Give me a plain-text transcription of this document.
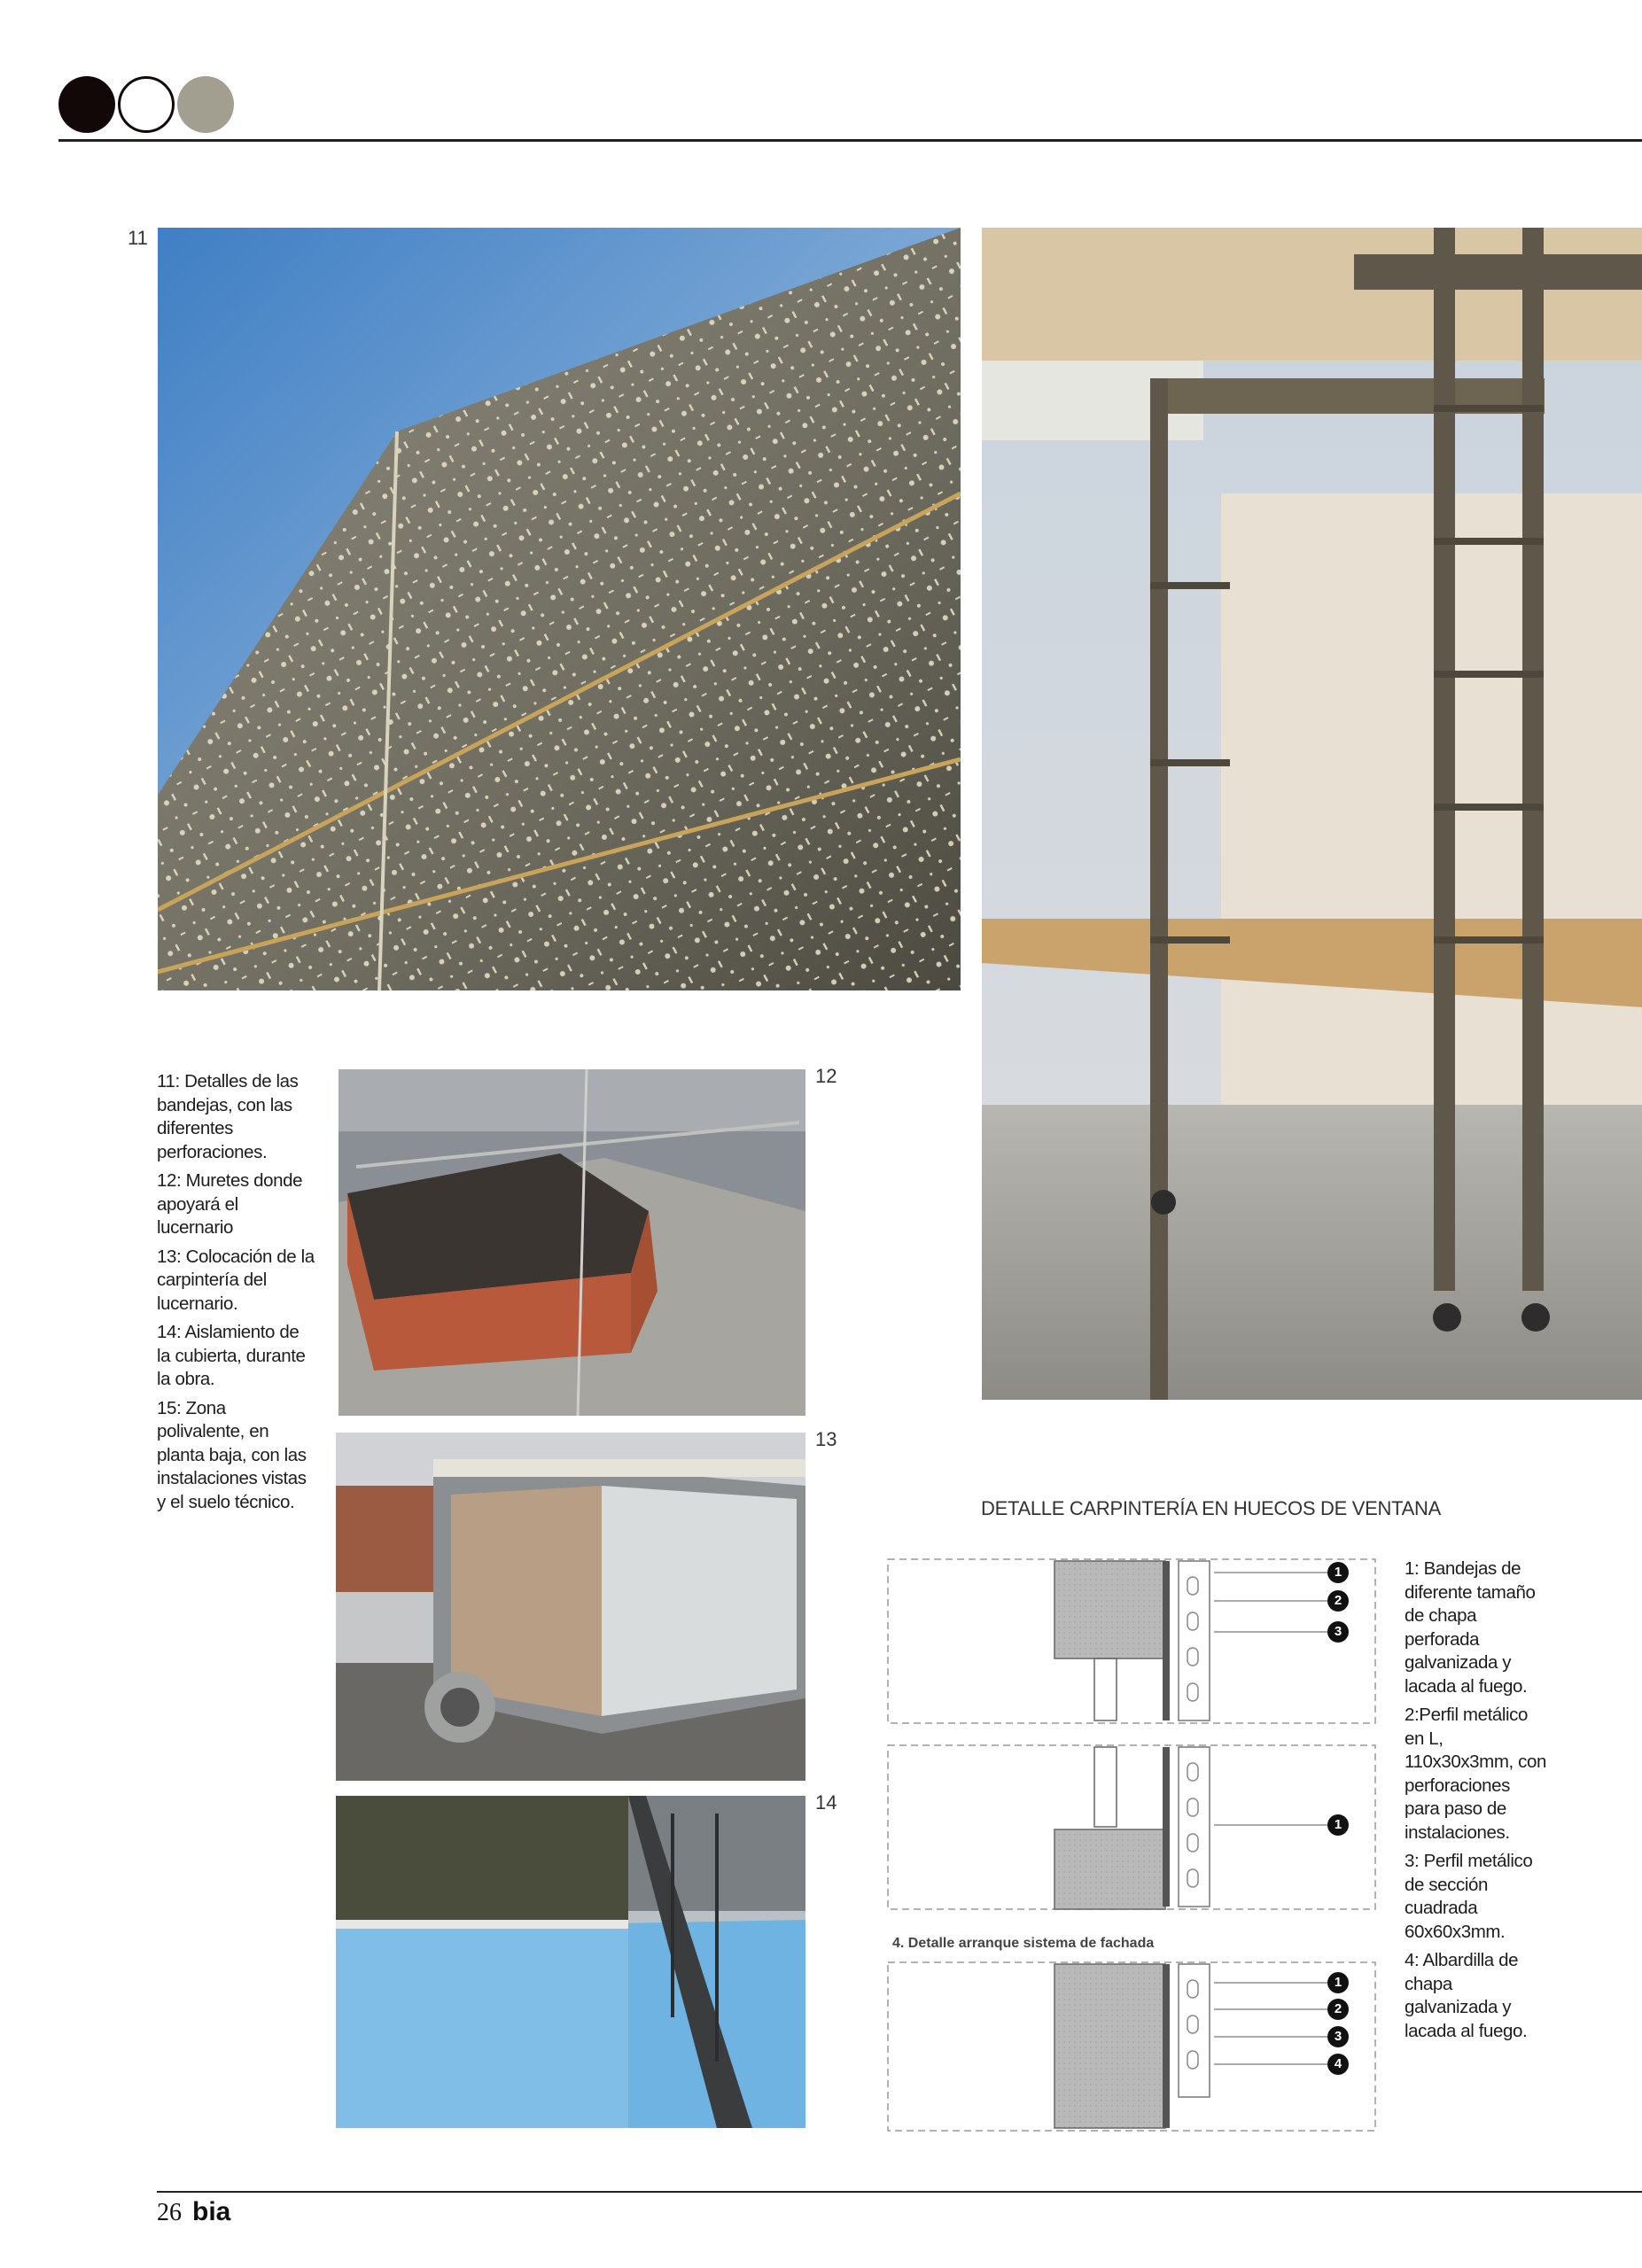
11

11: Detalles de las bandejas, con las diferentes perforaciones.

12: Muretes donde apoyará el lucernario

13: Colocación de la carpintería del lucernario.

14: Aislamiento de la cubierta, durante la obra.

15: Zona polivalente, en planta baja, con las instalaciones vistas y el suelo técnico.

12
13
14
DETALLE CARPINTERÍA EN HUECOS DE VENTANA
4. Detalle arranque sistema de fachada
1
2
3
1
1
2
3
4

1: Bandejas de diferente tamaño de chapa perforada galvanizada y lacada al fuego.

2:Perfil metálico en L, 110x30x3mm, con perforaciones para paso de instalaciones.

3: Perfil metálico de sección cuadrada 60x60x3mm.

4: Albardilla de chapa galvanizada y lacada al fuego.

26 bia
